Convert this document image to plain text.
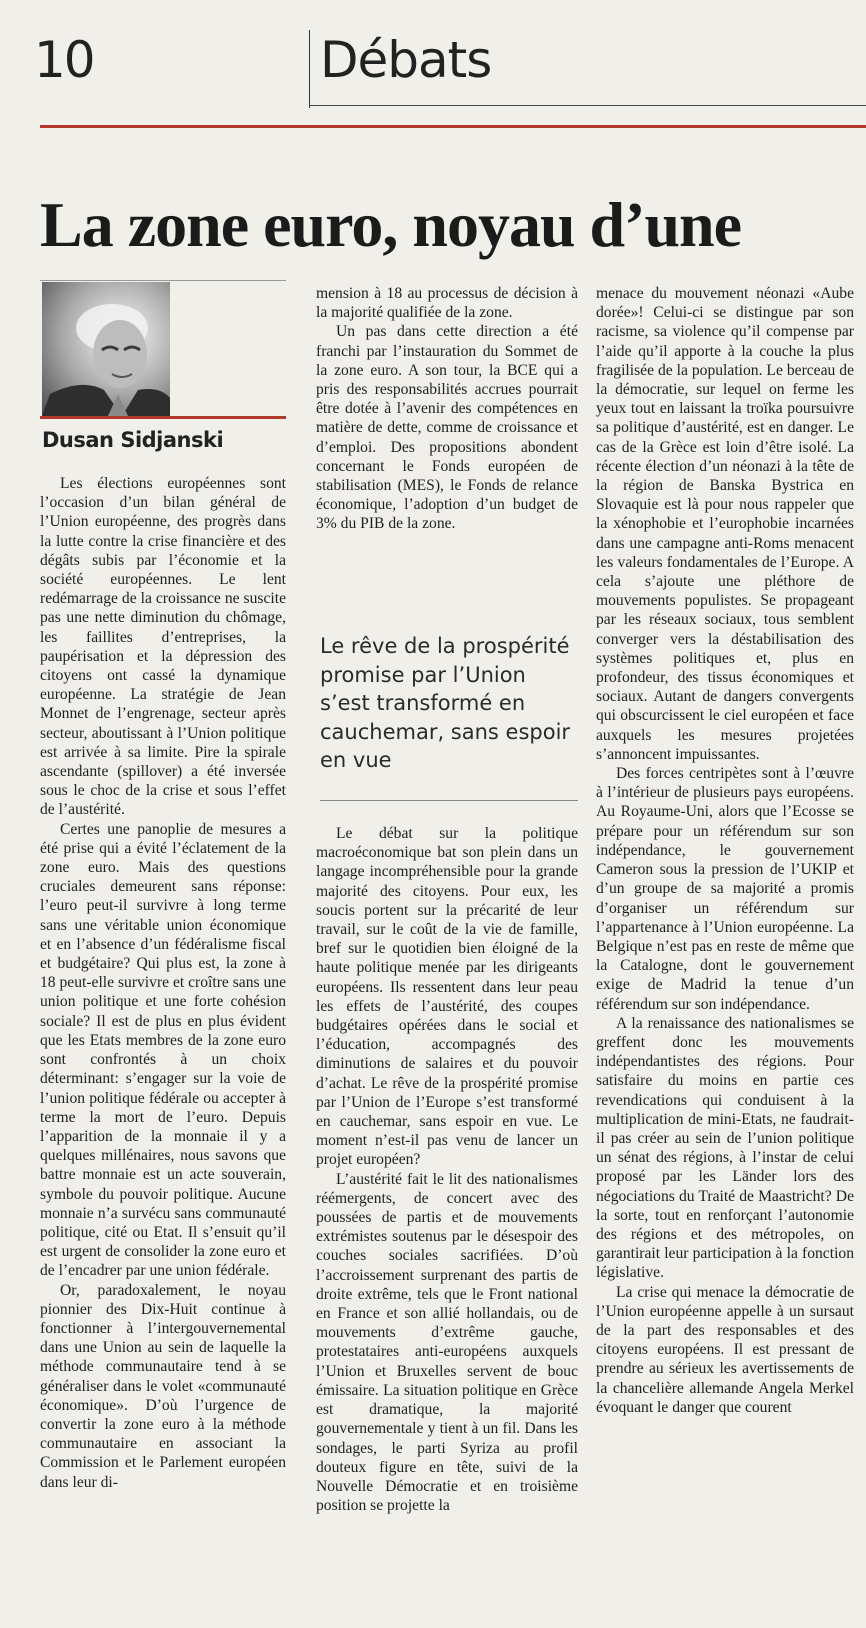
10	Débats
La zone euro, noyau d’une
Dusan Sidjanski

Les élections européennes sont l’occasion d’un bilan général de l’Union européenne, des progrès dans la lutte contre la crise financière et des dégâts subis par l’économie et la société européennes. Le lent redémarrage de la croissance ne suscite pas une nette diminution du chômage, les faillites d’entreprises, la paupérisation et la dépression des citoyens ont cassé la dynamique européenne. La stratégie de Jean Monnet de l’engrenage, secteur après secteur, aboutissant à l’Union politique est arrivée à sa limite. Pire la spirale ascendante (spillover) a été inversée sous le choc de la crise et sous l’effet de l’austérité.

Certes une panoplie de mesures a été prise qui a évité l’éclatement de la zone euro. Mais des questions cruciales demeurent sans réponse: l’euro peut-il survivre à long terme sans une véritable union économique et en l’absence d’un fédéralisme fiscal et budgétaire? Qui plus est, la zone à 18 peut-elle survivre et croître sans une union politique et une forte cohésion sociale? Il est de plus en plus évident que les Etats membres de la zone euro sont confrontés à un choix déterminant: s’engager sur la voie de l’union politique fédérale ou accepter à terme la mort de l’euro. Depuis l’apparition de la monnaie il y a quelques millénaires, nous savons que battre monnaie est un acte souverain, symbole du pouvoir politique. Aucune monnaie n’a survécu sans communauté politique, cité ou Etat. Il s’ensuit qu’il est urgent de consolider la zone euro et de l’encadrer par une union fédérale.

Or, paradoxalement, le noyau pionnier des Dix-Huit continue à fonctionner à l’intergouvernemental dans une Union au sein de laquelle la méthode communautaire tend à se généraliser dans le volet «communauté économique». D’où l’urgence de convertir la zone euro à la méthode communautaire en associant la Commission et le Parlement européen dans leur di-

mension à 18 au processus de décision à la majorité qualifiée de la zone.

Un pas dans cette direction a été franchi par l’instauration du Sommet de la zone euro. A son tour, la BCE qui a pris des responsabilités accrues pourrait être dotée à l’avenir des compétences en matière de dette, comme de croissance et d’emploi. Des propositions abondent concernant le Fonds européen de stabilisation (MES), le Fonds de relance économique, l’adoption d’un budget de 3% du PIB de la zone.

Le rêve de la prospérité promise par l’Union s’est transformé en cauchemar, sans espoir en vue

Le débat sur la politique macroéconomique bat son plein dans un langage incompréhensible pour la grande majorité des citoyens. Pour eux, les soucis portent sur la précarité de leur travail, sur le coût de la vie de famille, bref sur le quotidien bien éloigné de la haute politique menée par les dirigeants européens. Ils ressentent dans leur peau les effets de l’austérité, des coupes budgétaires opérées dans le social et l’éducation, accompagnés des diminutions de salaires et du pouvoir d’achat. Le rêve de la prospérité promise par l’Union de l’Europe s’est transformé en cauchemar, sans espoir en vue. Le moment n’est-il pas venu de lancer un projet européen?

L’austérité fait le lit des nationalismes réémergents, de concert avec des poussées de partis et de mouvements extrémistes soutenus par le désespoir des couches sociales sacrifiées. D’où l’accroissement surprenant des partis de droite extrême, tels que le Front national en France et son allié hollandais, ou de mouvements d’extrême gauche, protestataires anti-européens auxquels l’Union et Bruxelles servent de bouc émissaire. La situation politique en Grèce est dramatique, la majorité gouvernementale y tient à un fil. Dans les sondages, le parti Syriza au profil douteux figure en tête, suivi de la Nouvelle Démocratie et en troisième position se projette la

menace du mouvement néonazi «Aube dorée»! Celui-ci se distingue par son racisme, sa violence qu’il compense par l’aide qu’il apporte à la couche la plus fragilisée de la population. Le berceau de la démocratie, sur lequel on ferme les yeux tout en laissant la troïka poursuivre sa politique d’austérité, est en danger. Le cas de la Grèce est loin d’être isolé. La récente élection d’un néonazi à la tête de la région de Banska Bystrica en Slovaquie est là pour nous rappeler que la xénophobie et l’europhobie incarnées dans une campagne anti-Roms menacent les valeurs fondamentales de l’Europe. A cela s’ajoute une pléthore de mouvements populistes. Se propageant par les réseaux sociaux, tous semblent converger vers la déstabilisation des systèmes politiques et, plus en profondeur, des tissus économiques et sociaux. Autant de dangers convergents qui obscurcissent le ciel européen et face auxquels les mesures projetées s’annoncent impuissantes.

Des forces centripètes sont à l’œuvre à l’intérieur de plusieurs pays européens. Au Royaume-Uni, alors que l’Ecosse se prépare pour un référendum sur son indépendance, le gouvernement Cameron sous la pression de l’UKIP et d’un groupe de sa majorité a promis d’organiser un référendum sur l’appartenance à l’Union européenne. La Belgique n’est pas en reste de même que la Catalogne, dont le gouvernement exige de Madrid la tenue d’un référendum sur son indépendance.

A la renaissance des nationalismes se greffent donc les mouvements indépendantistes des régions. Pour satisfaire du moins en partie ces revendications qui conduisent à la multiplication de mini-Etats, ne faudrait-il pas créer au sein de l’union politique un sénat des régions, à l’instar de celui proposé par les Länder lors des négociations du Traité de Maastricht? De la sorte, tout en renforçant l’autonomie des régions et des métropoles, on garantirait leur participation à la fonction législative.

La crise qui menace la démocratie de l’Union européenne appelle à un sursaut de la part des responsables et des citoyens européens. Il est pressant de prendre au sérieux les avertissements de la chancelière allemande Angela Merkel évoquant le danger que courent
